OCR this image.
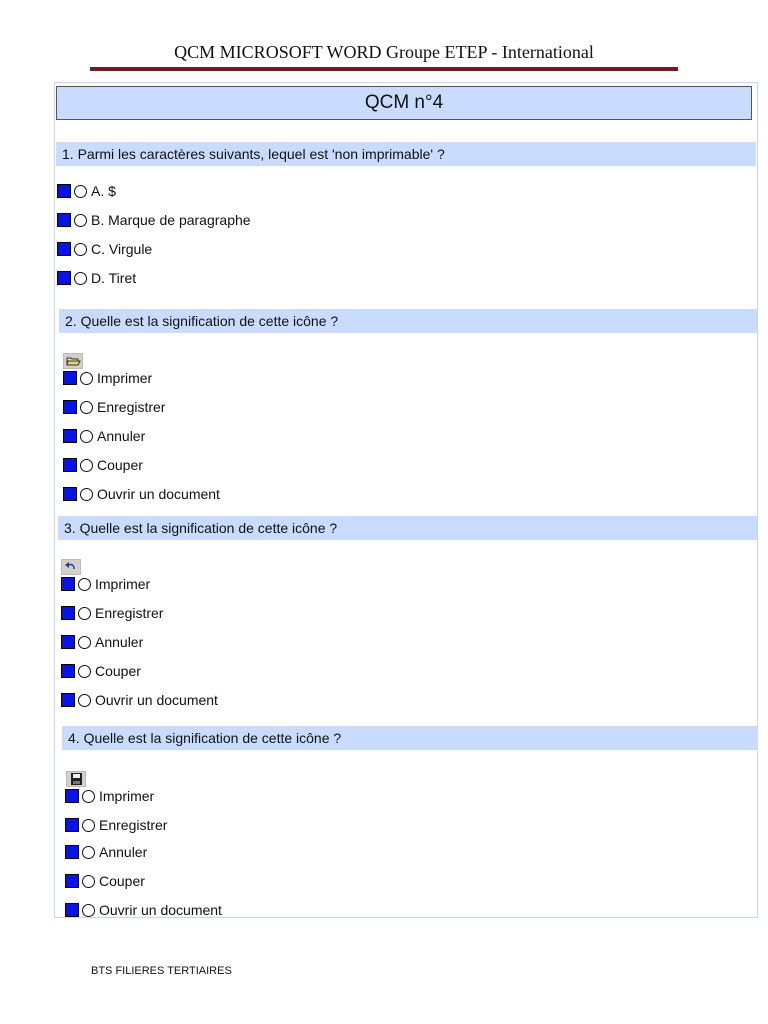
QCM MICROSOFT WORD Groupe ETEP - International
QCM n°4
1. Parmi les caractères suivants, lequel est 'non imprimable' ?
A. $
B. Marque de paragraphe
C. Virgule
D. Tiret
2. Quelle est la signification de cette icône ?
Imprimer
Enregistrer
Annuler
Couper
Ouvrir un document
3. Quelle est la signification de cette icône ?
Imprimer
Enregistrer
Annuler
Couper
Ouvrir un document
4. Quelle est la signification de cette icône ?
Imprimer
Enregistrer
Annuler
Couper
Ouvrir un document
BTS FILIERES TERTIAIRES
